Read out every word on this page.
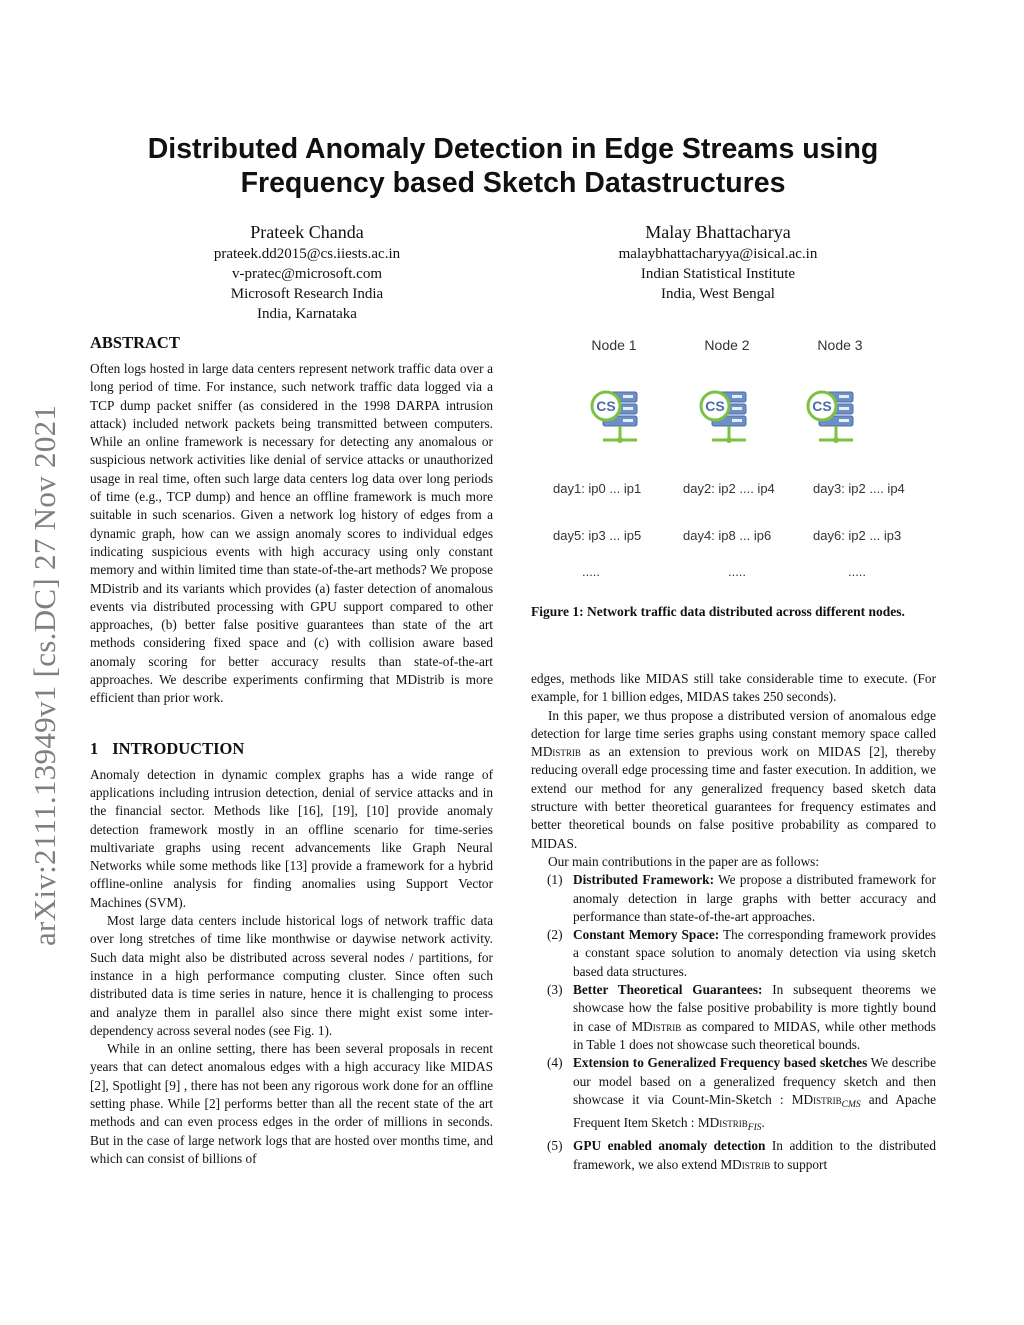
arXiv:2111.13949v1 [cs.DC] 27 Nov 2021
Distributed Anomaly Detection in Edge Streams using
Frequency based Sketch Datastructures
Prateek Chanda
prateek.dd2015@cs.iiests.ac.in
v-pratec@microsoft.com
Microsoft Research India
India, Karnataka
Malay Bhattacharya
malaybhattacharyya@isical.ac.in
Indian Statistical Institute
India, West Bengal
ABSTRACT

Often logs hosted in large data centers represent network traffic data over a long period of time. For instance, such network traffic data logged via a TCP dump packet sniffer (as considered in the 1998 DARPA intrusion attack) included network packets being transmitted between computers. While an online framework is necessary for detecting any anomalous or suspicious network activities like denial of service attacks or unauthorized usage in real time, often such large data centers log data over long periods of time (e.g., TCP dump) and hence an offline framework is much more suitable in such scenarios. Given a network log history of edges from a dynamic graph, how can we assign anomaly scores to individual edges indicating suspicious events with high accuracy using only constant memory and within limited time than state-of-the-art methods? We propose MDistrib and its variants which provides (a) faster detection of anomalous events via distributed processing with GPU support compared to other approaches, (b) better false positive guarantees than state of the art methods considering fixed space and (c) with collision aware based anomaly scoring for better accuracy results than state-of-the-art approaches. We describe experiments confirming that MDistrib is more efficient than prior work.

1 INTRODUCTION

Anomaly detection in dynamic complex graphs has a wide range of applications including intrusion detection, denial of service attacks and in the financial sector. Methods like [16], [19], [10] provide anomaly detection framework mostly in an offline scenario for time-series multivariate graphs using recent advancements like Graph Neural Networks while some methods like [13] provide a framework for a hybrid offline-online analysis for finding anomalies using Support Vector Machines (SVM).

Most large data centers include historical logs of network traffic data over long stretches of time like monthwise or daywise network activity. Such data might also be distributed across several nodes / partitions, for instance in a high performance computing cluster. Since often such distributed data is time series in nature, hence it is challenging to process and analyze them in parallel also since there might exist some inter-dependency across several nodes (see Fig. 1).

While in an online setting, there has been several proposals in recent years that can detect anomalous edges with a high accuracy like MIDAS [2], Spotlight [9] , there has not been any rigorous work done for an offline setting phase. While [2] performs better than all the recent state of the art methods and can even process edges in the order of millions in seconds. But in the case of large network logs that are hosted over months time, and which can consist of billions of

Node 1	Node 2	Node 3
CS	CS	CS
day1: ip0 ... ip1	day2: ip2 .... ip4	day3: ip2 .... ip4
day5: ip3 ... ip5	day4: ip8 ... ip6	day6: ip2 ... ip3
.....	.....	.....
Figure 1: Network traffic data distributed across different nodes.

edges, methods like MIDAS still take considerable time to execute. (For example, for 1 billion edges, MIDAS takes 250 seconds).

In this paper, we thus propose a distributed version of anomalous edge detection for large time series graphs using constant memory space called MDistrib as an extension to previous work on MIDAS [2], thereby reducing overall edge processing time and faster execution. In addition, we extend our method for any generalized frequency based sketch data structure with better theoretical guarantees for frequency estimates and better theoretical bounds on false positive probability as compared to MIDAS.

Our main contributions in the paper are as follows:

(1) Distributed Framework: We propose a distributed framework for anomaly detection in large graphs with better accuracy and performance than state-of-the-art approaches.
(2) Constant Memory Space: The corresponding framework provides a constant space solution to anomaly detection via using sketch based data structures.
(3) Better Theoretical Guarantees: In subsequent theorems we showcase how the false positive probability is more tightly bound in case of MDistrib as compared to MIDAS, while other methods in Table 1 does not showcase such theoretical bounds.
(4) Extension to Generalized Frequency based sketches We describe our model based on a generalized frequency sketch and then showcase it via Count-Min-Sketch : MDistrib$_{CMS}$ and Apache Frequent Item Sketch : MDistrib$_{FIS}$.
(5) GPU enabled anomaly detection In addition to the distributed framework, we also extend MDistrib to support
